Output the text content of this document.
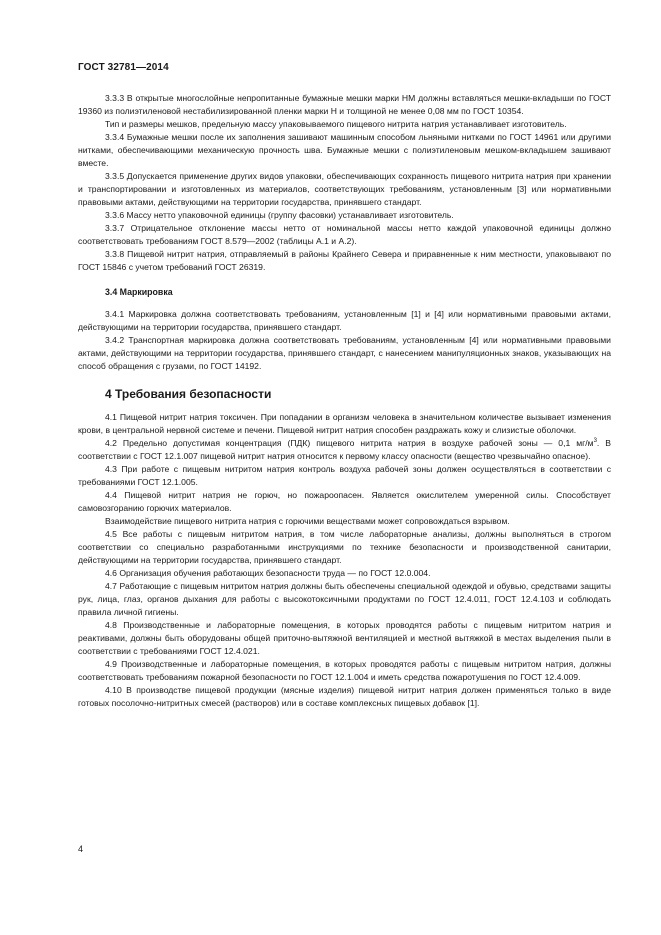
ГОСТ 32781—2014

3.3.3 В открытые многослойные непропитанные бумажные мешки марки НМ должны вставляться мешки-вкладыши по ГОСТ 19360 из полиэтиленовой нестабилизированной пленки марки Н и толщиной не менее 0,08 мм по ГОСТ 10354.

Тип и размеры мешков, предельную массу упаковываемого пищевого нитрита натрия устанавливает изготовитель.

3.3.4 Бумажные мешки после их заполнения зашивают машинным способом льняными нитками по ГОСТ 14961 или другими нитками, обеспечивающими механическую прочность шва. Бумажные мешки с полиэтиленовым мешком-вкладышем зашивают вместе.

3.3.5 Допускается применение других видов упаковки, обеспечивающих сохранность пищевого нитрита натрия при хранении и транспортировании и изготовленных из материалов, соответствующих требованиям, установленным [3] или нормативными правовыми актами, действующими на территории государства, принявшего стандарт.

3.3.6 Массу нетто упаковочной единицы (группу фасовки) устанавливает изготовитель.

3.3.7 Отрицательное отклонение массы нетто от номинальной массы нетто каждой упаковочной единицы должно соответствовать требованиям ГОСТ 8.579—2002 (таблицы А.1 и А.2).

3.3.8 Пищевой нитрит натрия, отправляемый в районы Крайнего Севера и приравненные к ним местности, упаковывают по ГОСТ 15846 с учетом требований ГОСТ 26319.

3.4 Маркировка

3.4.1 Маркировка должна соответствовать требованиям, установленным [1] и [4] или нормативными правовыми актами, действующими на территории государства, принявшего стандарт.

3.4.2 Транспортная маркировка должна соответствовать требованиям, установленным [4] или нормативными правовыми актами, действующими на территории государства, принявшего стандарт, с нанесением манипуляционных знаков, указывающих на способ обращения с грузами, по ГОСТ 14192.

4 Требования безопасности

4.1 Пищевой нитрит натрия токсичен. При попадании в организм человека в значительном количестве вызывает изменения крови, в центральной нервной системе и печени. Пищевой нитрит натрия способен раздражать кожу и слизистые оболочки.

4.2 Предельно допустимая концентрация (ПДК) пищевого нитрита натрия в воздухе рабочей зоны — 0,1 $мг/м^3$. В соответствии с ГОСТ 12.1.007 пищевой нитрит натрия относится к первому классу опасности (вещество чрезвычайно опасное).

4.3 При работе с пищевым нитритом натрия контроль воздуха рабочей зоны должен осуществляться в соответствии с требованиями ГОСТ 12.1.005.

4.4 Пищевой нитрит натрия не горюч, но пожароопасен. Является окислителем умеренной силы. Способствует самовозгоранию горючих материалов.

Взаимодействие пищевого нитрита натрия с горючими веществами может сопровождаться взрывом.

4.5 Все работы с пищевым нитритом натрия, в том числе лабораторные анализы, должны выполняться в строгом соответствии со специально разработанными инструкциями по технике безопасности и производственной санитарии, действующими на территории государства, принявшего стандарт.

4.6 Организация обучения работающих безопасности труда — по ГОСТ 12.0.004.

4.7 Работающие с пищевым нитритом натрия должны быть обеспечены специальной одеждой и обувью, средствами защиты рук, лица, глаз, органов дыхания для работы с высокотоксичными продуктами по ГОСТ 12.4.011, ГОСТ 12.4.103 и соблюдать правила личной гигиены.

4.8 Производственные и лабораторные помещения, в которых проводятся работы с пищевым нитритом натрия и реактивами, должны быть оборудованы общей приточно-вытяжной вентиляцией и местной вытяжкой в местах выделения пыли в соответствии с требованиями ГОСТ 12.4.021.

4.9 Производственные и лабораторные помещения, в которых проводятся работы с пищевым нитритом натрия, должны соответствовать требованиям пожарной безопасности по ГОСТ 12.1.004 и иметь средства пожаротушения по ГОСТ 12.4.009.

4.10 В производстве пищевой продукции (мясные изделия) пищевой нитрит натрия должен применяться только в виде готовых посолочно-нитритных смесей (растворов) или в составе комплексных пищевых добавок [1].

4
